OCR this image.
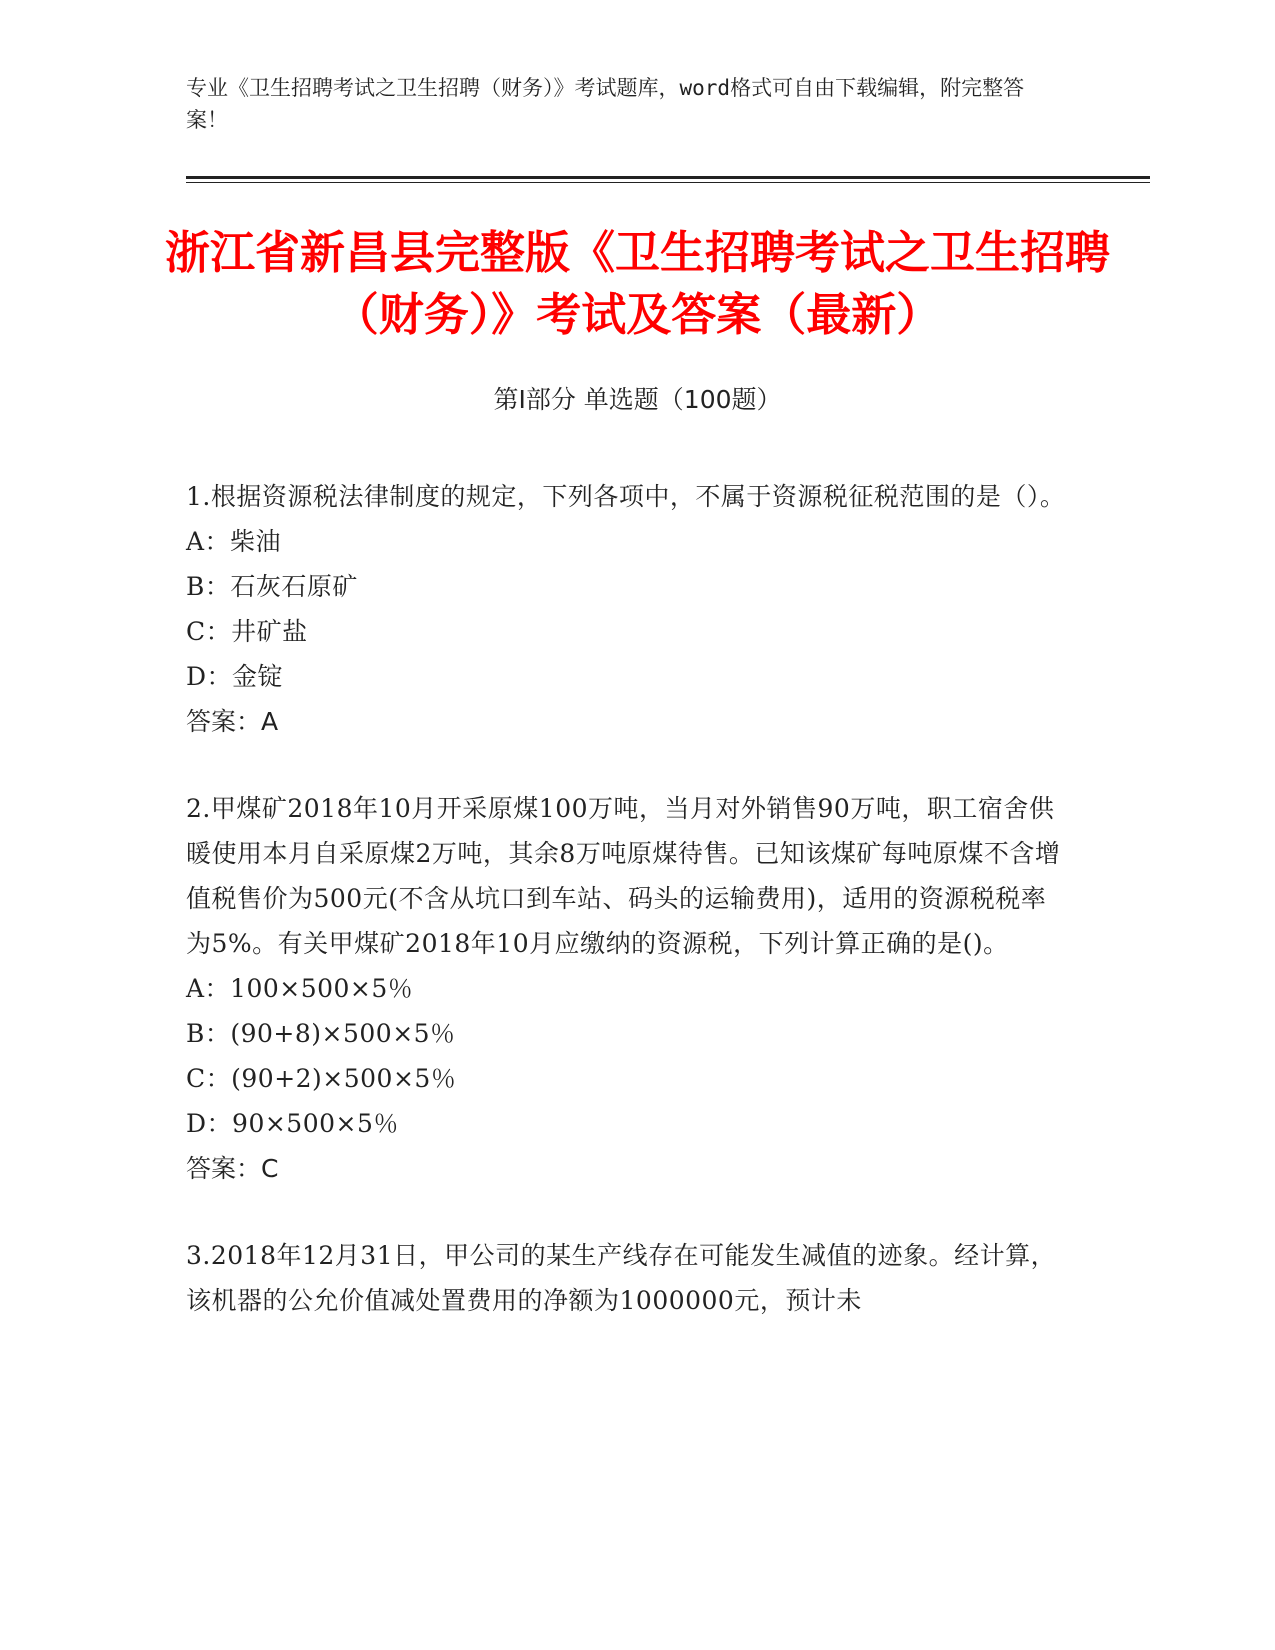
专业《卫生招聘考试之卫生招聘（财务）》考试题库，word格式可自由下载编辑，附完整答案！
浙江省新昌县完整版《卫生招聘考试之卫生招聘（财务）》考试及答案（最新）
第Ⅰ部分 单选题（100题）

1.根据资源税法律制度的规定，下列各项中，不属于资源税征税范围的是（）。

A：柴油

B：石灰石原矿

C：井矿盐

D：金锭

答案：A

2.甲煤矿2018年10月开采原煤100万吨，当月对外销售90万吨，职工宿舍供暖使用本月自采原煤2万吨，其余8万吨原煤待售。已知该煤矿每吨原煤不含增值税售价为500元(不含从坑口到车站、码头的运输费用)，适用的资源税税率为5%。有关甲煤矿2018年10月应缴纳的资源税，下列计算正确的是()。

A：100×500×5％

B：(90+8)×500×5％

C：(90+2)×500×5％

D：90×500×5％

答案：C

3.2018年12月31日，甲公司的某生产线存在可能发生减值的迹象。经计算，该机器的公允价值减处置费用的净额为1000000元，预计未
